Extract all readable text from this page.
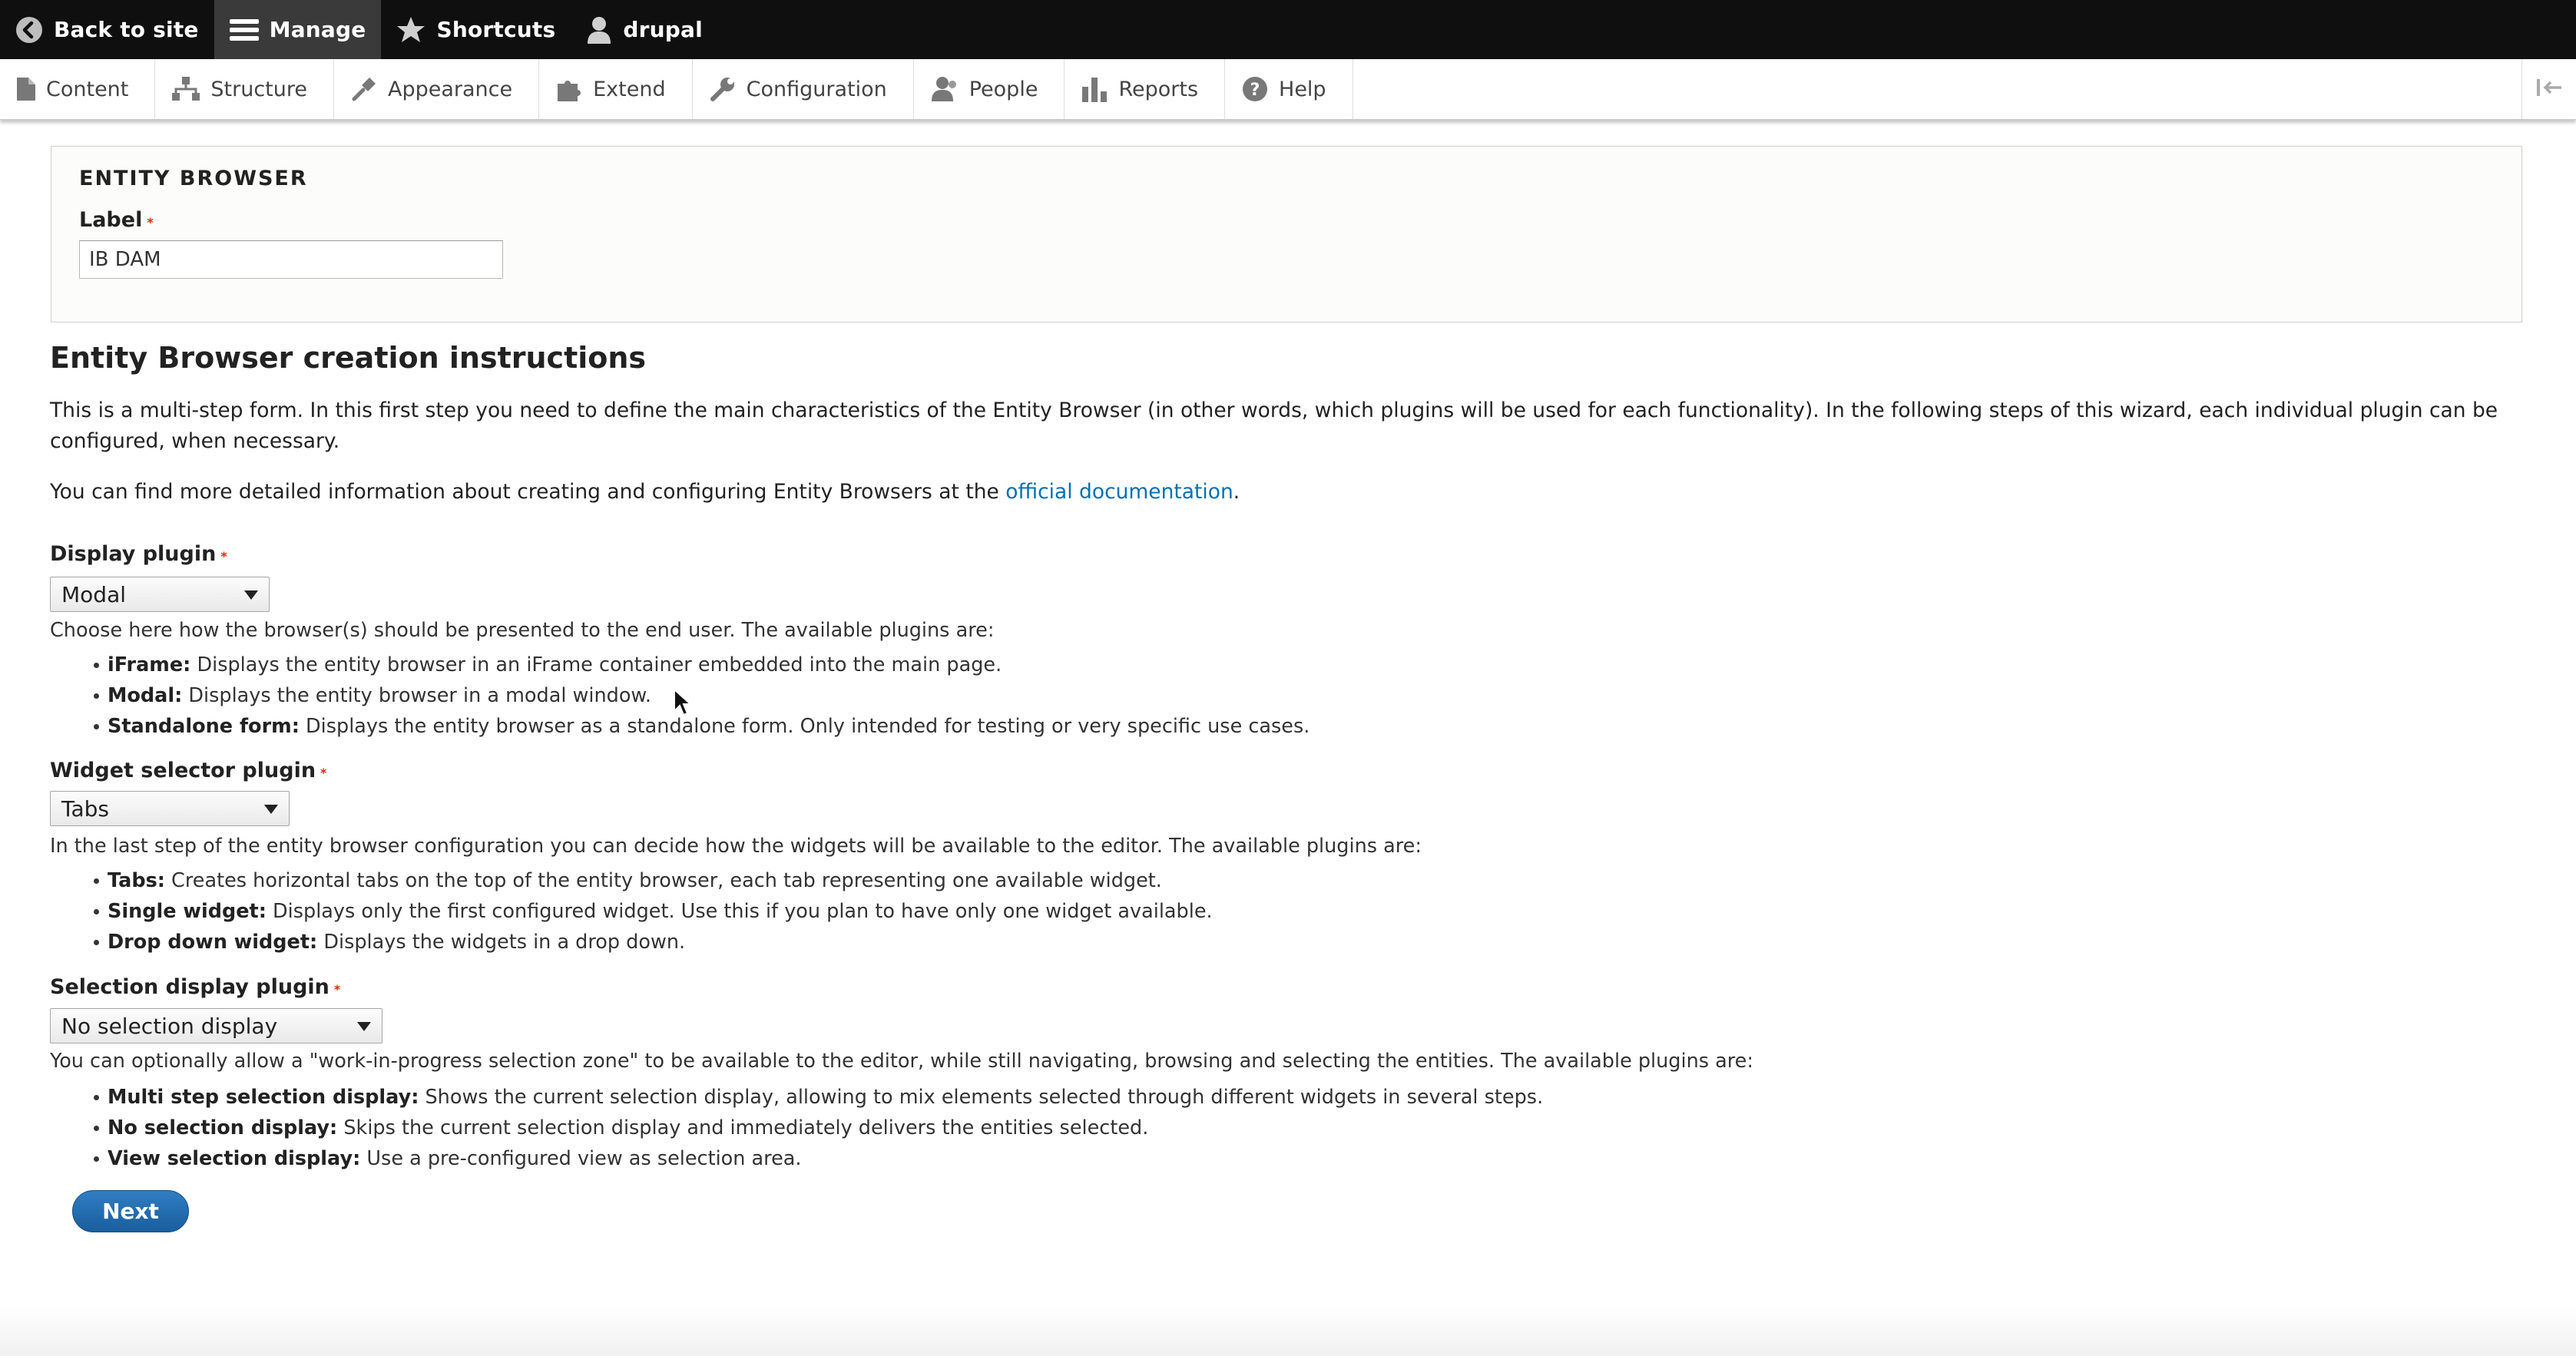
Back to site	Manage	Shortcuts	drupal
Content	Structure	Appearance	Extend	Configuration	People	Reports	? Help
ENTITY BROWSER
Label *
IB DAM
Entity Browser creation instructions

This is a multi-step form. In this first step you need to define the main characteristics of the Entity Browser (in other words, which plugins will be used for each functionality). In the following steps of this wizard, each individual plugin can be configured, when necessary.

You can find more detailed information about creating and configuring Entity Browsers at the official documentation.

Display plugin *
Modal
Choose here how the browser(s) should be presented to the end user. The available plugins are:
iFrame: Displays the entity browser in an iFrame container embedded into the main page.
Modal: Displays the entity browser in a modal window.
Standalone form: Displays the entity browser as a standalone form. Only intended for testing or very specific use cases.
Widget selector plugin *
Tabs
In the last step of the entity browser configuration you can decide how the widgets will be available to the editor. The available plugins are:
Tabs: Creates horizontal tabs on the top of the entity browser, each tab representing one available widget.
Single widget: Displays only the first configured widget. Use this if you plan to have only one widget available.
Drop down widget: Displays the widgets in a drop down.
Selection display plugin *
No selection display
You can optionally allow a "work-in-progress selection zone" to be available to the editor, while still navigating, browsing and selecting the entities. The available plugins are:
Multi step selection display: Shows the current selection display, allowing to mix elements selected through different widgets in several steps.
No selection display: Skips the current selection display and immediately delivers the entities selected.
View selection display: Use a pre-configured view as selection area.
Next
